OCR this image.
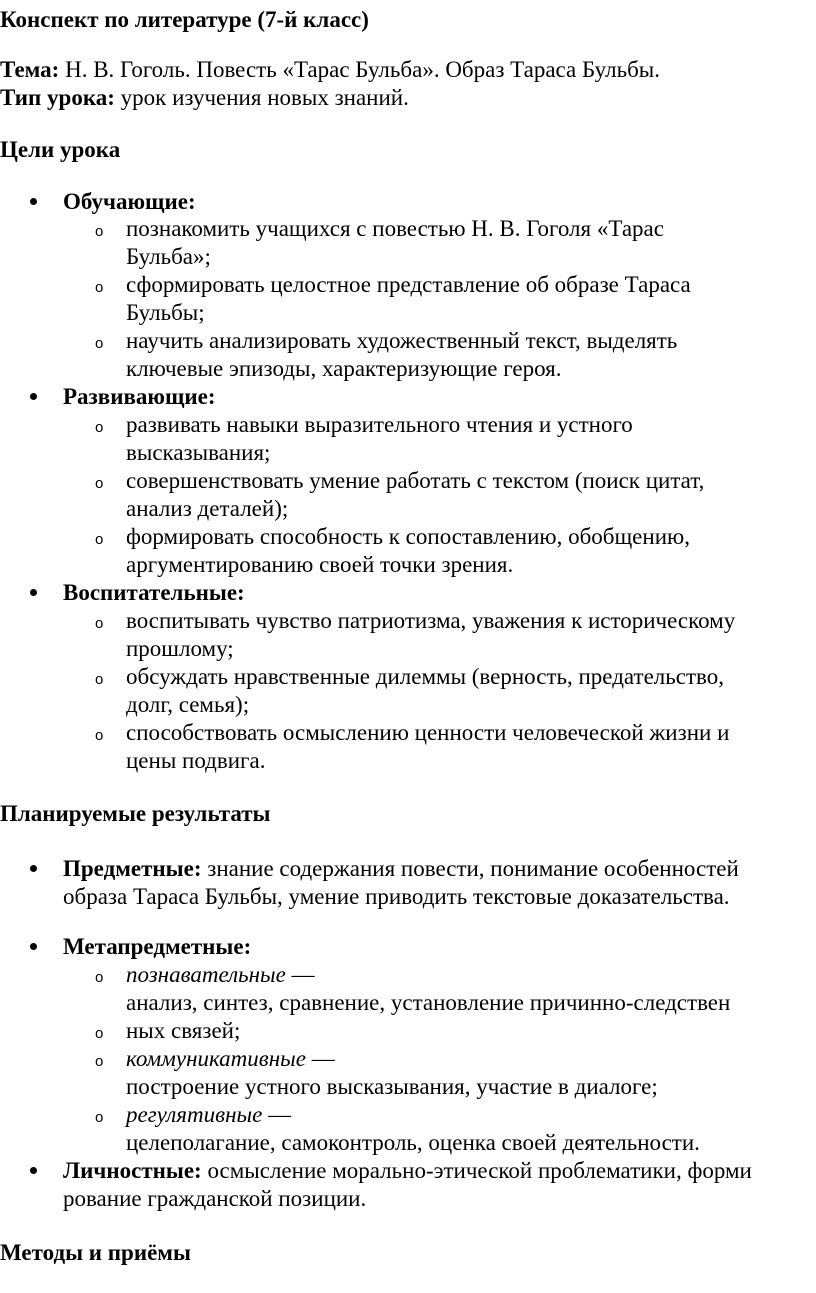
Конспект по литературе (7-й класс)
Тема: Н. В. Гоголь. Повесть «Тарас Бульба». Образ Тараса Бульбы.
Тип урока: урок изучения новых знаний.
Цели урока
Обучающие:
o познакомить учащихся с повестью Н. В. Гоголя «Тарас
Бульба»;
o сформировать целостное представление об образе Тараса
Бульбы;
o научить анализировать художественный текст, выделять
ключевые эпизоды, характеризующие героя.
Развивающие:
o развивать навыки выразительного чтения и устного
высказывания;
o совершенствовать умение работать с текстом (поиск цитат,
анализ деталей);
o формировать способность к сопоставлению, обобщению,
аргументированию своей точки зрения.
Воспитательные:
o воспитывать чувство патриотизма, уважения к историческому
прошлому;
o обсуждать нравственные дилеммы (верность, предательство,
долг, семья);
o способствовать осмыслению ценности человеческой жизни и
цены подвига.
Планируемые результаты
Предметные: знание содержания повести, понимание особенностей
образа Тараса Бульбы, умение приводить текстовые доказательства.
Метапредметные:
o познавательные —
анализ, синтез, сравнение, установление причинно-следствен
o ных связей;
o коммуникативные —
построение устного высказывания, участие в диалоге;
o регулятивные —
целеполагание, самоконтроль, оценка своей деятельности.
Личностные: осмысление морально-этической проблематики, форми
рование гражданской позиции.
Методы и приёмы
